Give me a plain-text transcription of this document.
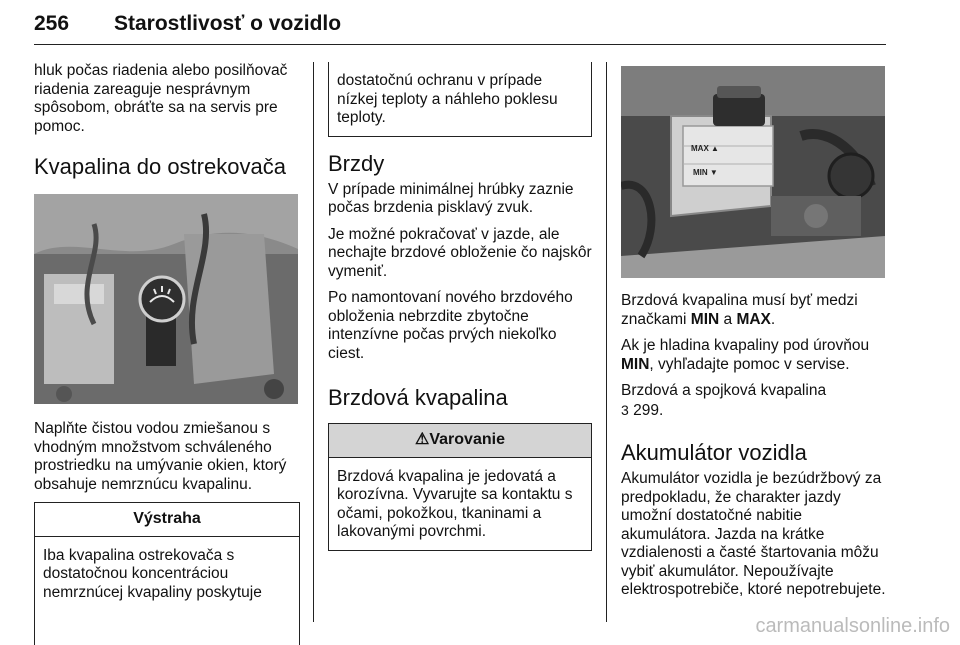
256 Starostlivosť o vozidlo

hluk počas riadenia alebo posilňovač riadenia zareaguje nesprávnym spôsobom, obráťte sa na servis pre pomoc.

Kvapalina do ostrekovača

Naplňte čistou vodou zmiešanou s vhodným množstvom schváleného prostriedku na umývanie okien, ktorý obsahuje nemrznúcu kvapalinu.

Výstraha
Iba kvapalina ostrekovača s dostatočnou koncentráciou nemrznúcej kvapaliny poskytuje
dostatočnú ochranu v prípade nízkej teploty a náhleho poklesu teploty.
Brzdy

V prípade minimálnej hrúbky zaznie počas brzdenia pisklavý zvuk.

Je možné pokračovať v jazde, ale nechajte brzdové obloženie čo najskôr vymeniť.

Po namontovaní nového brzdového obloženia nebrzdite zbytočne intenzívne počas prvých niekoľko ciest.

Brzdová kvapalina
⚠Varovanie
Brzdová kvapalina je jedovatá a korozívna. Vyvarujte sa kontaktu s očami, pokožkou, tkaninami a lakovanými povrchmi.
MAX ▲
MIN ▼

Brzdová kvapalina musí byť medzi značkami MIN a MAX.

Ak je hladina kvapaliny pod úrovňou MIN, vyhľadajte pomoc v servise.

Brzdová a spojková kvapalina
3 299.

Akumulátor vozidla

Akumulátor vozidla je bezúdržbový za predpokladu, že charakter jazdy umožní dostatočné nabitie akumulátora. Jazda na krátke vzdialenosti a časté štartovania môžu vybiť akumulátor. Nepoužívajte elektrospotrebiče, ktoré nepotrebujete.

carmanualsonline.info
